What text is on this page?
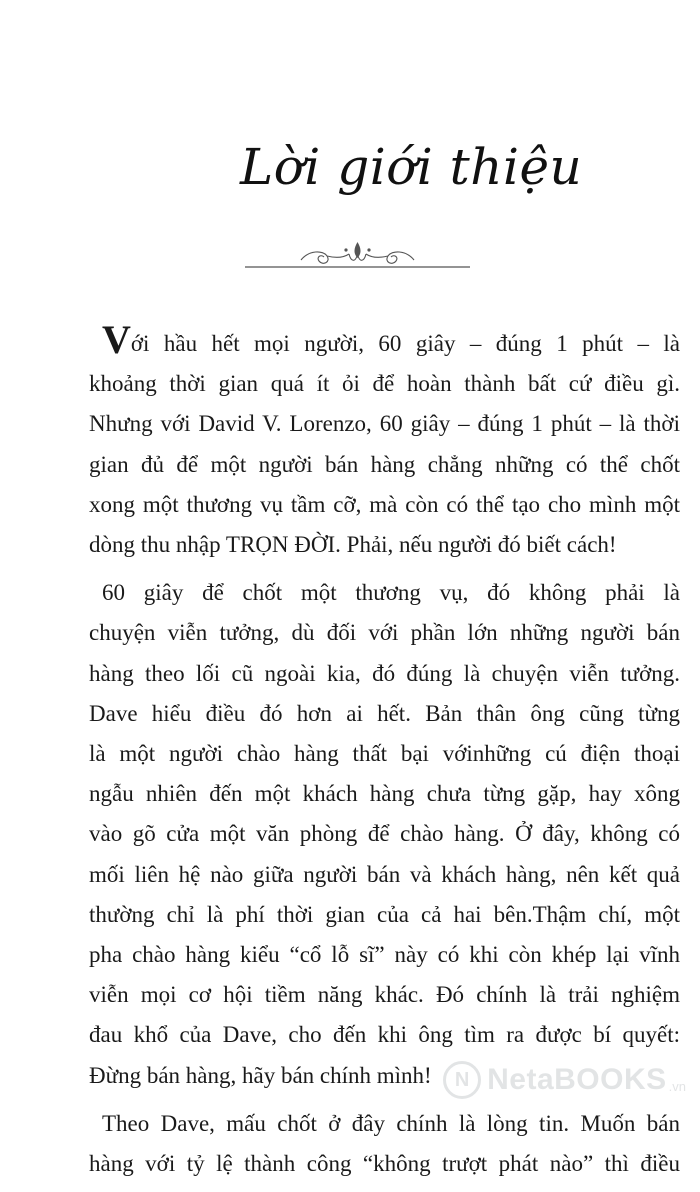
Lời giới thiệu

Với hầu hết mọi người, 60 giây – đúng 1 phút – là
khoảng thời gian quá ít ỏi để hoàn thành bất cứ điều gì.
Nhưng với David V. Lorenzo, 60 giây – đúng 1 phút – là thời
gian đủ để một người bán hàng chẳng những có thể chốt
xong một thương vụ tầm cỡ, mà còn có thể tạo cho mình một
dòng thu nhập TRỌN ĐỜI. Phải, nếu người đó biết cách!

60 giây để chốt một thương vụ, đó không phải là
chuyện viễn tưởng, dù đối với phần lớn những người bán
hàng theo lối cũ ngoài kia, đó đúng là chuyện viễn tưởng.
Dave hiểu điều đó hơn ai hết. Bản thân ông cũng từng
là một người chào hàng thất bại vớinhững cú điện thoại
ngẫu nhiên đến một khách hàng chưa từng gặp, hay xông
vào gõ cửa một văn phòng để chào hàng. Ở đây, không có
mối liên hệ nào giữa người bán và khách hàng, nên kết quả
thường chỉ là phí thời gian của cả hai bên.Thậm chí, một
pha chào hàng kiểu “cổ lỗ sĩ” này có khi còn khép lại vĩnh
viễn mọi cơ hội tiềm năng khác. Đó chính là trải nghiệm
đau khổ của Dave, cho đến khi ông tìm ra được bí quyết:
Đừng bán hàng, hãy bán chính mình!

Theo Dave, mấu chốt ở đây chính là lòng tin. Muốn bán
hàng với tỷ lệ thành công “không trượt phát nào” thì điều

N NetaBOOKS .vn
